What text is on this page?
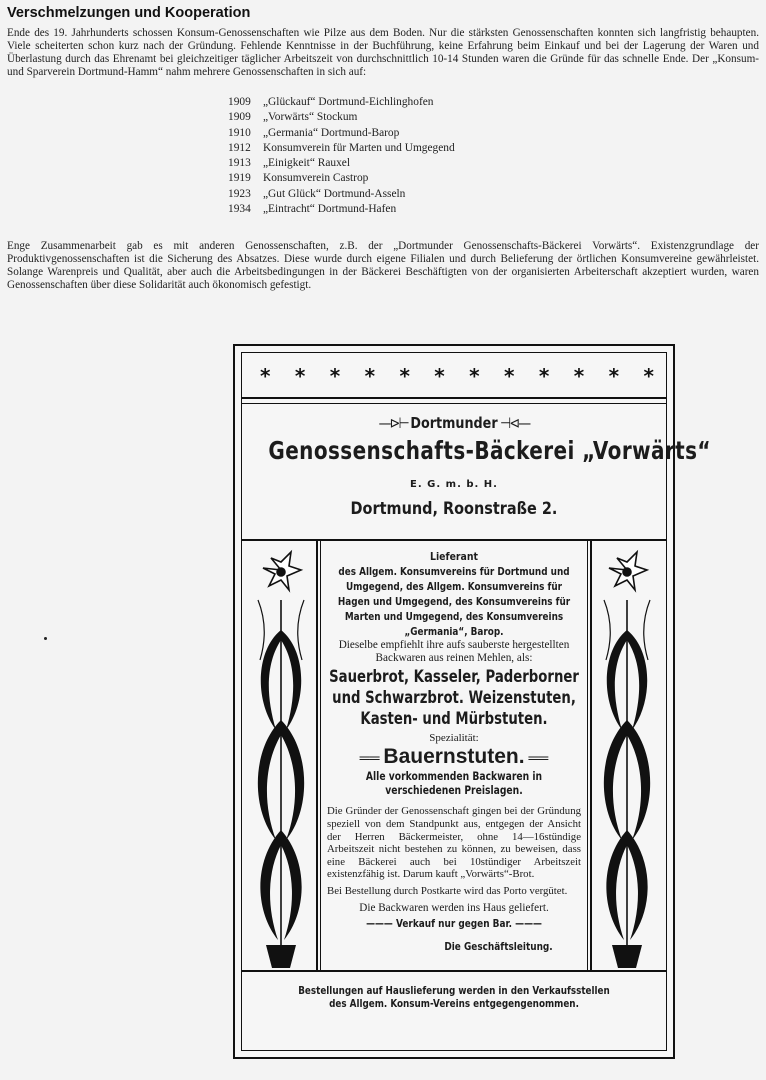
Verschmelzungen und Kooperation
Ende des 19. Jahrhunderts schossen Konsum-Genossenschaften wie Pilze aus dem Boden. Nur die stärksten Genossenschaften konnten sich langfristig behaupten. Viele scheiterten schon kurz nach der Gründung. Fehlende Kenntnisse in der Buchführung, keine Erfahrung beim Einkauf und bei der Lagerung der Waren und Überlastung durch das Ehrenamt bei gleichzeitiger täglicher Arbeitszeit von durchschnittlich 10-14 Stunden waren die Gründe für das schnelle Ende. Der „Konsum- und Sparverein Dortmund-Hamm“ nahm mehrere Genossenschaften in sich auf:
1909	„Glückauf“ Dortmund-Eichlinghofen
1909	„Vorwärts“ Stockum
1910	„Germania“ Dortmund-Barop
1912	Konsumverein für Marten und Umgegend
1913	„Einigkeit“ Rauxel
1919	Konsumverein Castrop
1923	„Gut Glück“ Dortmund-Asseln
1934	„Eintracht“ Dortmund-Hafen
Enge Zusammenarbeit gab es mit anderen Genossenschaften, z.B. der „Dortmunder Genossenschafts-Bäckerei Vorwärts“. Existenzgrundlage der Produktivgenossenschaften ist die Sicherung des Absatzes. Diese wurde durch eigene Filialen und durch Belieferung der örtlichen Konsumvereine gewährleistet. Solange Warenpreis und Qualität, aber auch die Arbeitsbedingungen in der Bäckerei Beschäftigten von der organisierten Arbeiterschaft akzeptiert wurden, waren Genossenschaften über diese Solidarität auch ökonomisch gefestigt.
* * * * * * * * * * * *
—⊳⊢ Dortmunder ⊣⊲—
Genossenschafts-Bäckerei „Vorwärts“
E. G. m. b. H.
Dortmund, Roonstraße 2.
Lieferant
des Allgem. Konsumvereins für Dortmund und Umgegend, des Allgem. Konsumvereins für Hagen und Umgegend, des Konsumvereins für Marten und Umgegend, des Konsumvereins „Germania“, Barop.
Dieselbe empfiehlt ihre aufs sauberste hergestellten Backwaren aus reinen Mehlen, als:
Sauerbrot, Kasseler, Paderborner und Schwarzbrot. Weizenstuten, Kasten- und Mürbstuten.
Spezialität:
══ Bauernstuten. ══
Alle vorkommenden Backwaren in verschiedenen Preislagen.
Die Gründer der Genossenschaft gingen bei der Gründung speziell von dem Standpunkt aus, entgegen der Ansicht der Herren Bäckermeister, ohne 14—16stündige Arbeitszeit nicht bestehen zu können, zu beweisen, dass eine Bäckerei auch bei 10stündiger Arbeitszeit existenzfähig ist. Darum kauft „Vorwärts“-Brot.
Bei Bestellung durch Postkarte wird das Porto vergütet.
Die Backwaren werden ins Haus geliefert.
——— Verkauf nur gegen Bar. ———
Die Geschäftsleitung.
Bestellungen auf Hauslieferung werden in den Verkaufsstellen
des Allgem. Konsum-Vereins entgegengenommen.
